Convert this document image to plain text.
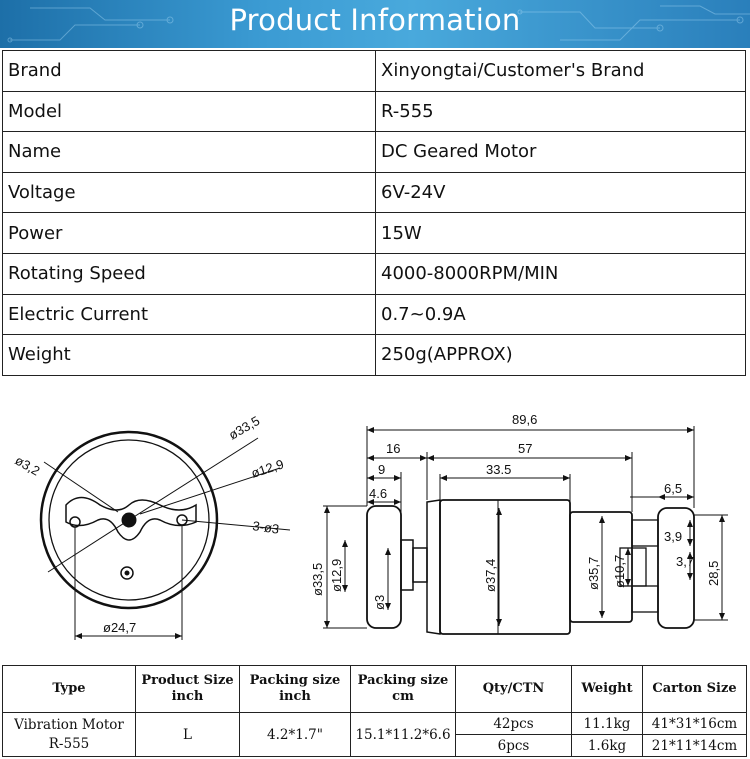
Product Information
Brand	Xinyongtai/Customer's Brand
Model	R-555
Name	DC Geared Motor
Voltage	6V-24V
Power	15W
Rotating Speed	4000-8000RPM/MIN
Electric Current	0.7~0.9A
Weight	250g(APPROX)
ø33,5
ø3,2	ø12,9
3-ø3
ø24,7
89,6
16	57
9	33.5
4.6	6,5
ø33,5 ø12,9
ø3
ø37,4	ø35,7 ø10,7
3,9
3,7 28,5
Type	Product Size inch	Packing size inch	Packing size cm	Qty/CTN	Weight	Carton Size
Vibration Motor R-555	L	4.2*1.7"	15.1*11.2*6.6	42pcs	11.1kg	41*31*16cm
				6pcs	1.6kg	21*11*14cm
